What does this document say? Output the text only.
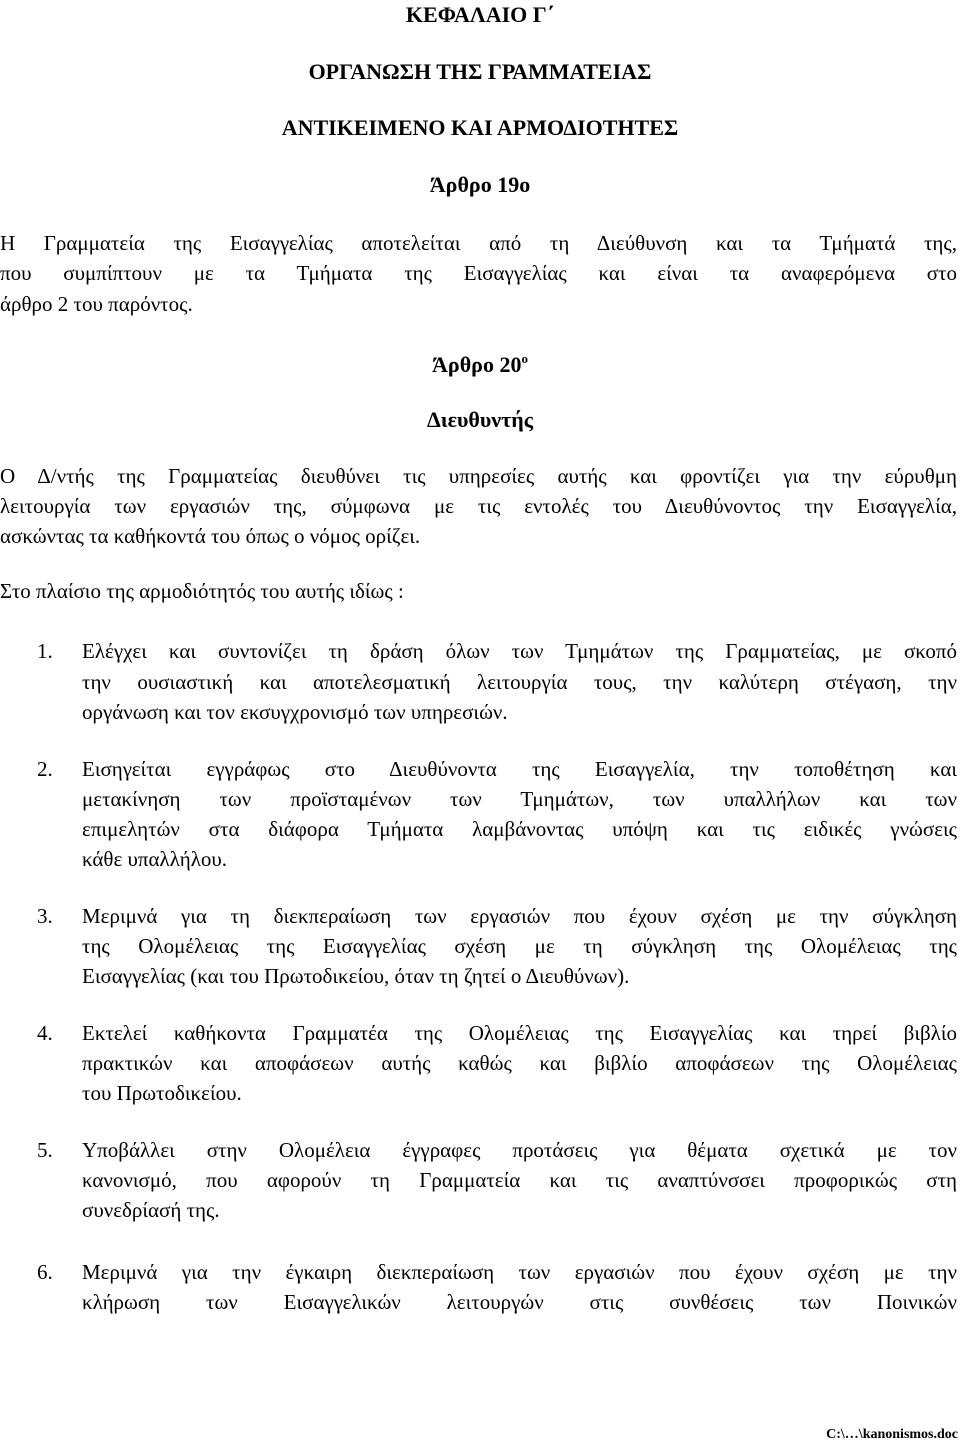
ΚΕΦΑΛΑΙΟ Γ΄

ΟΡΓΑΝΩΣΗ ΤΗΣ ΓΡΑΜΜΑΤΕΙΑΣ

ΑΝΤΙΚΕΙΜΕΝΟ ΚΑΙ ΑΡΜΟΔΙΟΤΗΤΕΣ

Άρθρο 19ο

Η Γραμματεία της Εισαγγελίας αποτελείται από τη Διεύθυνση και τα Τμήματά της,

που συμπίπτουν με τα Τμήματα της Εισαγγελίας και είναι τα αναφερόμενα στο

άρθρο 2 του παρόντος.

Άρθρο $20^o$

Διευθυντής

Ο Δ/ντής της Γραμματείας διευθύνει τις υπηρεσίες αυτής και φροντίζει για την εύρυθμη

λειτουργία των εργασιών της, σύμφωνα με τις εντολές του Διευθύνοντος την Εισαγγελία,

ασκώντας τα καθήκοντά του όπως ο νόμος ορίζει.

Στο πλαίσιο της αρμοδιότητός του αυτής ιδίως :

1. Ελέγχει και συντονίζει τη δράση όλων των Τμημάτων της Γραμματείας, με σκοπό

την ουσιαστική και αποτελεσματική λειτουργία τους, την καλύτερη στέγαση, την

οργάνωση και τον εκσυγχρονισμό των υπηρεσιών.

2. Εισηγείται εγγράφως στο Διευθύνοντα της Εισαγγελία, την τοποθέτηση και

μετακίνηση των προϊσταμένων των Τμημάτων, των υπαλλήλων και των

επιμελητών στα διάφορα Τμήματα λαμβάνοντας υπόψη και τις ειδικές γνώσεις

κάθε υπαλλήλου.

3. Μεριμνά για τη διεκπεραίωση των εργασιών που έχουν σχέση με την σύγκληση

της Ολομέλειας της Εισαγγελίας σχέση με τη σύγκληση της Ολομέλειας της

Εισαγγελίας (και του Πρωτοδικείου, όταν τη ζητεί ο Διευθύνων).

4. Εκτελεί καθήκοντα Γραμματέα της Ολομέλειας της Εισαγγελίας και τηρεί βιβλίο

πρακτικών και αποφάσεων αυτής καθώς και βιβλίο αποφάσεων της Ολομέλειας

του Πρωτοδικείου.

5. Υποβάλλει στην Ολομέλεια έγγραφες προτάσεις για θέματα σχετικά με τον

κανονισμό, που αφορούν τη Γραμματεία και τις αναπτύνσσει προφορικώς στη

συνεδρίασή της.

6. Μεριμνά για την έγκαιρη διεκπεραίωση των εργασιών που έχουν σχέση με την

κλήρωση των Εισαγγελικών λειτουργών στις συνθέσεις των Ποινικών

C:\…\kanonismos.doc
